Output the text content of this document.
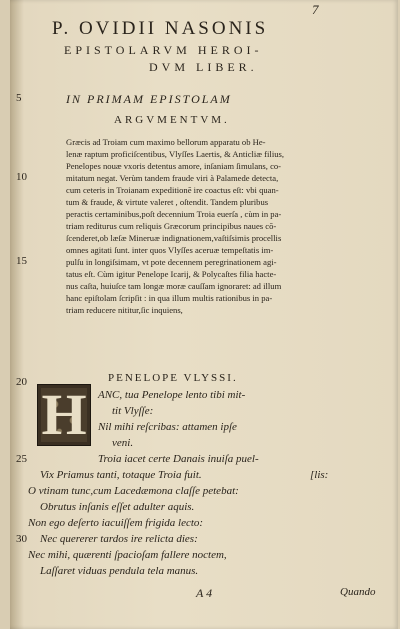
7
P. OVIDII NASONIS
EPISTOLARVM HEROI-
DVM LIBER.
5	IN PRIMAM EPISTOLAM
ARGVMENTVM.
Græcis ad Troiam cum maximo bellorum apparatu ob He-
lenæ raptum proficiſcentibus, Vlyſſes Laertis, & Anticliæ filius,
Penelopes nouæ vxoris detentus amore, inſaniam ſimulans, co-
10	mitatum negat. Verùm tandem fraude viri à Palamede detecta,
cum ceteris in Troianam expeditionē ire coactus eſt: vbi quan-
tum & fraude, & virtute valeret , oſtendit. Tandem pluribus
peractis certaminibus,poſt decennium Troia euerſa , cùm in pa-
triam rediturus cum reliquis Græcorum principibus naues cō-
ſcenderet,ob læſæ Mineruæ indignationem,vaſtiſsimis procellis
omnes agitati ſunt. inter quos Vlyſſes aceruæ tempeſtatis im-
15	pulſu in longiſsimam, vt pote decennem peregrinationem agi-
tatus eſt. Cùm igitur Penelope Icarij, & Polycaſtes filia hacte-
nus caſta, huiuſce tam longæ moræ cauſſam ignoraret: ad illum
hanc epiſtolam ſcripſit : in qua illum multis rationibus in pa-
triam reducere nititur,ſic inquiens,
PENELOPE VLYSSI.
20 H	ANC, tua Penelope lento tibi mit-
tit Vlyſſe:
Nil mihi reſcribas: attamen ipſe
veni.
25	Troia iacet certe Danais inuiſa puel-
Vix Priamus tanti, totaque Troia fuit.	[lis:
O vtinam tunc,cum Lacedæmona claſſe petebat:
Obrutus inſanis eſſet adulter aquis.
Non ego deſerto iacuiſſem frigida lecto:
30 Nec quererer tardos ire relicta dies:
Nec mihi, quærenti ſpacioſam fallere noctem,
Laſſaret viduas pendula tela manus.
A 4	Quando
